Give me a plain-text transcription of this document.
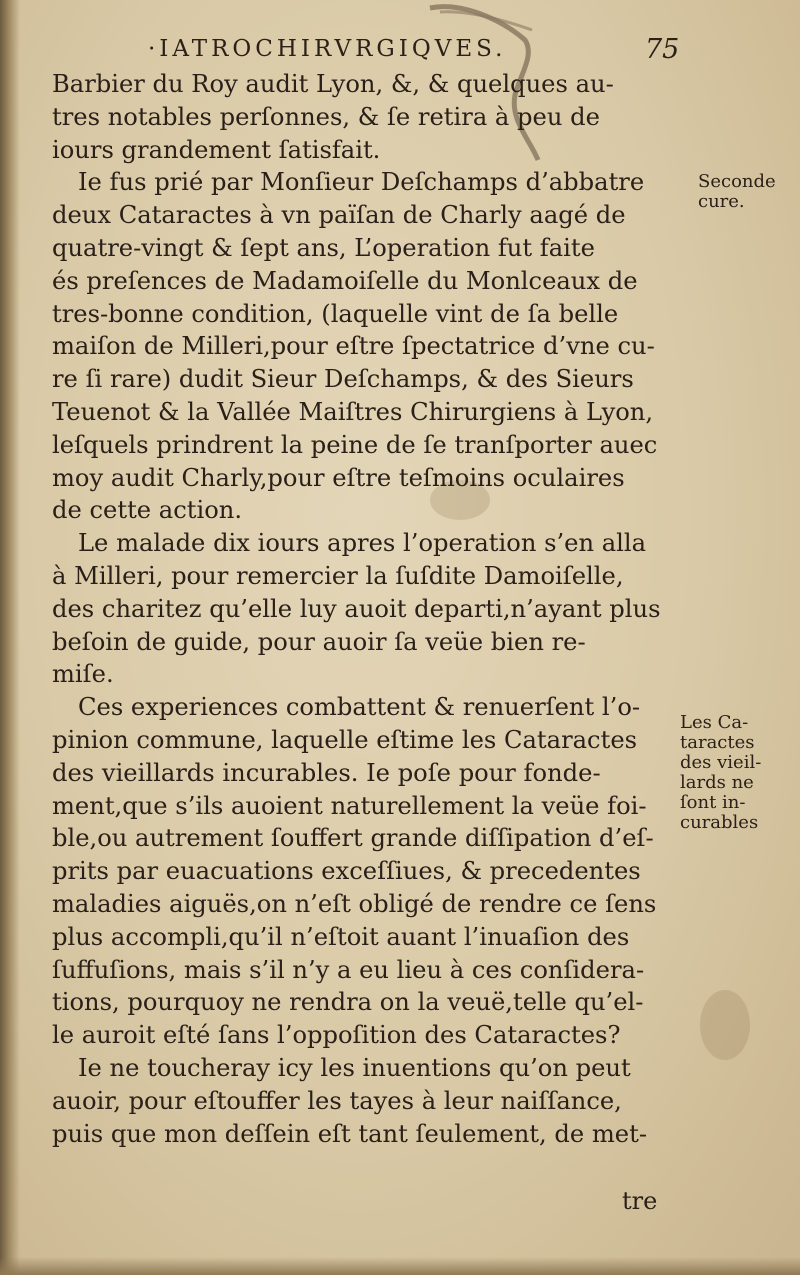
·IATROCHIRVRGIQVES.	75
Barbier du Roy audit Lyon, &, & quelques au-
tres notables perſonnes, & ſe retira à peu de
iours grandement ſatisfait.
Ie fus prié par Monſieur Deſchamps d’abbatre
deux Cataractes à vn païſan de Charly aagé de
quatre-vingt & ſept ans, L’operation fut faite
és preſences de Madamoiſelle du Monlceaux de
tres-bonne condition, (laquelle vint de ſa belle
maiſon de Milleri,pour eſtre ſpectatrice d’vne cu-
re ſi rare) dudit Sieur Deſchamps, & des Sieurs
Teuenot & la Vallée Maiſtres Chirurgiens à Lyon,
leſquels prindrent la peine de ſe tranſporter auec
moy audit Charly,pour eſtre teſmoins oculaires
de cette action.
Le malade dix iours apres l’operation s’en alla
à Milleri, pour remercier la ſuſdite Damoiſelle,
des charitez qu’elle luy auoit departi,n’ayant plus
beſoin de guide, pour auoir ſa veüe bien re-
miſe.
Ces experiences combattent & renuerſent l’o-
pinion commune, laquelle eſtime les Cataractes
des vieillards incurables. Ie poſe pour fonde-
ment,que s’ils auoient naturellement la veüe foi-
ble,ou autrement ſouffert grande diſſipation d’eſ-
prits par euacuations exceſſiues, & precedentes
maladies aiguës,on n’eſt obligé de rendre ce ſens
plus accompli,qu’il n’eſtoit auant l’inuaſion des
ſuffuſions, mais s’il n’y a eu lieu à ces conſidera-
tions, pourquoy ne rendra on la veuë,telle qu’el-
le auroit eſté ſans l’oppoſition des Cataractes?
Ie ne toucheray icy les inuentions qu’on peut
auoir, pour eſtouffer les tayes à leur naiſſance,
puis que mon deſſein eſt tant ſeulement, de met-
tre
Seconde
cure.
Les Ca-
taractes
des vieil-
lards ne
ſont in-
curables
